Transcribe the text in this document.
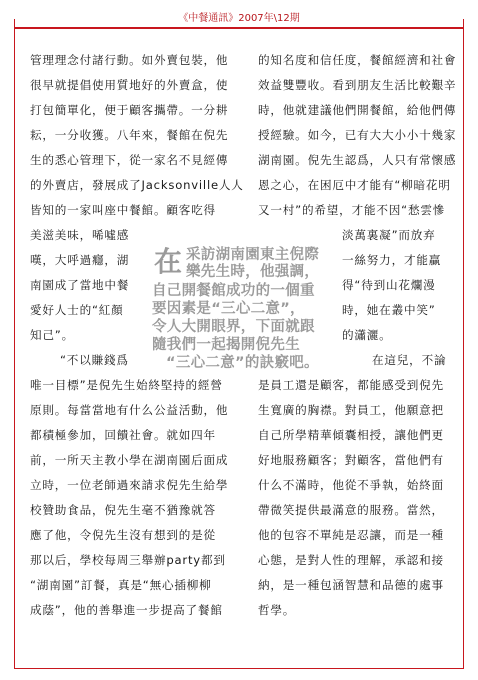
《中餐通訊》2007年\12期
管理理念付諸行動。如外賣包裝，他
很早就提倡使用質地好的外賣盒，使
打包簡單化，便于顧客攜帶。一分耕
耘，一分收獲。八年來，餐館在倪先
生的悉心管理下，從一家名不見經傳
的外賣店，發展成了Jacksonville人人
皆知的一家叫座中餐館。顧客吃得
美滋美味，唏噓感
嘆，大呼過癮，湖
南園成了當地中餐
愛好人士的“紅顏
知己”。
“不以賺錢爲
唯一目標”是倪先生始終堅持的經營
原則。每當當地有什么公益活動，他
都積極參加，回饋社會。就如四年
前，一所天主教小學在湖南園后面成
立時，一位老師過來請求倪先生給學
校贊助食品，倪先生毫不猶豫就答
應了他，令倪先生沒有想到的是從
那以后，學校每周三舉辦party都到
“湖南園”訂餐，真是“無心插柳柳
成蔭”，他的善舉進一步提高了餐館
的知名度和信任度，餐館經濟和社會
效益雙豐收。看到朋友生活比較艱辛
時，他就建議他們開餐館，給他們傳
授經驗。如今，已有大大小小十幾家
湖南園。倪先生認爲，人只有常懷感
恩之心，在困厄中才能有“柳暗花明
又一村”的希望，才能不因“愁雲慘
淡萬裏凝”而放弃
一絲努力，才能贏
得“待到山花爛漫
時，她在叢中笑”
的瀟灑。
在這兒，不論
是員工還是顧客，都能感受到倪先
生寬廣的胸襟。對員工，他願意把
自己所學精華傾囊相授，讓他們更
好地服務顧客；對顧客，當他們有
什么不滿時，他從不爭執，始終面
帶微笑提供最滿意的服務。當然，
他的包容不單純是忍讓，而是一種
心態，是對人性的理解，承認和接
納，是一種包涵智慧和品德的處事
哲學。
在 采訪湖南園東主倪際
樂先生時，他强調，
自己開餐館成功的一個重
要因素是“三心二意”，
令人大開眼界，下面就跟
隨我們一起揭開倪先生
“三心二意”的訣竅吧。
